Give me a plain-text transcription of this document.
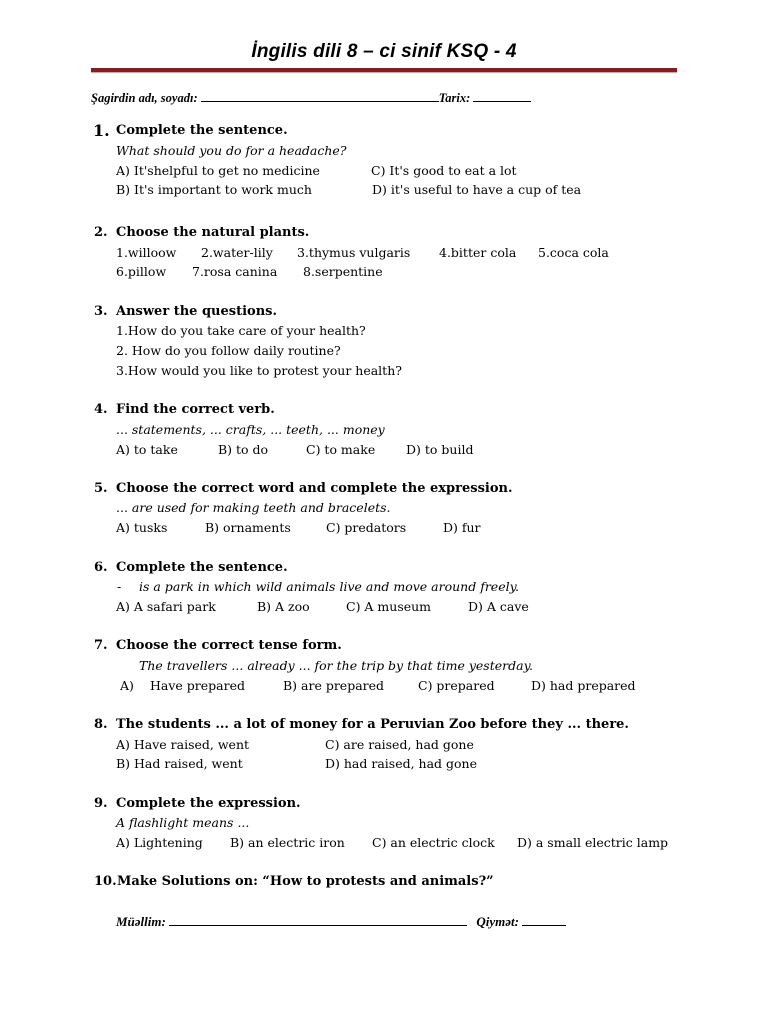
İngilis dili 8 – ci sinif KSQ - 4
Şagirdin adı, soyadı:	Tarix:
1. Complete the sentence.
What should you do for a headache?
A) It'shelpful to get no medicine	C) It's good to eat a lot
B) It's important to work much	D) it's useful to have a cup of tea
2. Choose the natural plants.
1.willoow 2.water-lily 3.thymus vulgaris 4.bitter cola 5.coca cola
6.pillow 7.rosa canina 8.serpentine
3. Answer the questions.
1.How do you take care of your health?
2. How do you follow daily routine?
3.How would you like to protest your health?
4. Find the correct verb.
... statements, ... crafts, ... teeth, ... money
A) to take	B) to do	C) to make D) to build
5. Choose the correct word and complete the expression.
... are used for making teeth and bracelets.
A) tusks	B) ornaments	C) predators	D) fur
6. Complete the sentence.
- is a park in which wild animals live and move around freely.
A) A safari park	B) A zoo	C) A museum	D) A cave
7. Choose the correct tense form.
The travellers ... already ... for the trip by that time yesterday.
A) Have prepared	B) are prepared	C) prepared	D) had prepared
8. The students ... a lot of money for a Peruvian Zoo before they ... there.
A) Have raised, went	C) are raised, had gone
B) Had raised, went	D) had raised, had gone
9. Complete the expression.
A flashlight means ...
A) Lightening B) an electric iron C) an electric clock D) a small electric lamp
10. Make Solutions on: “How to protests and animals?”
Müəllim:	Qiymət:
